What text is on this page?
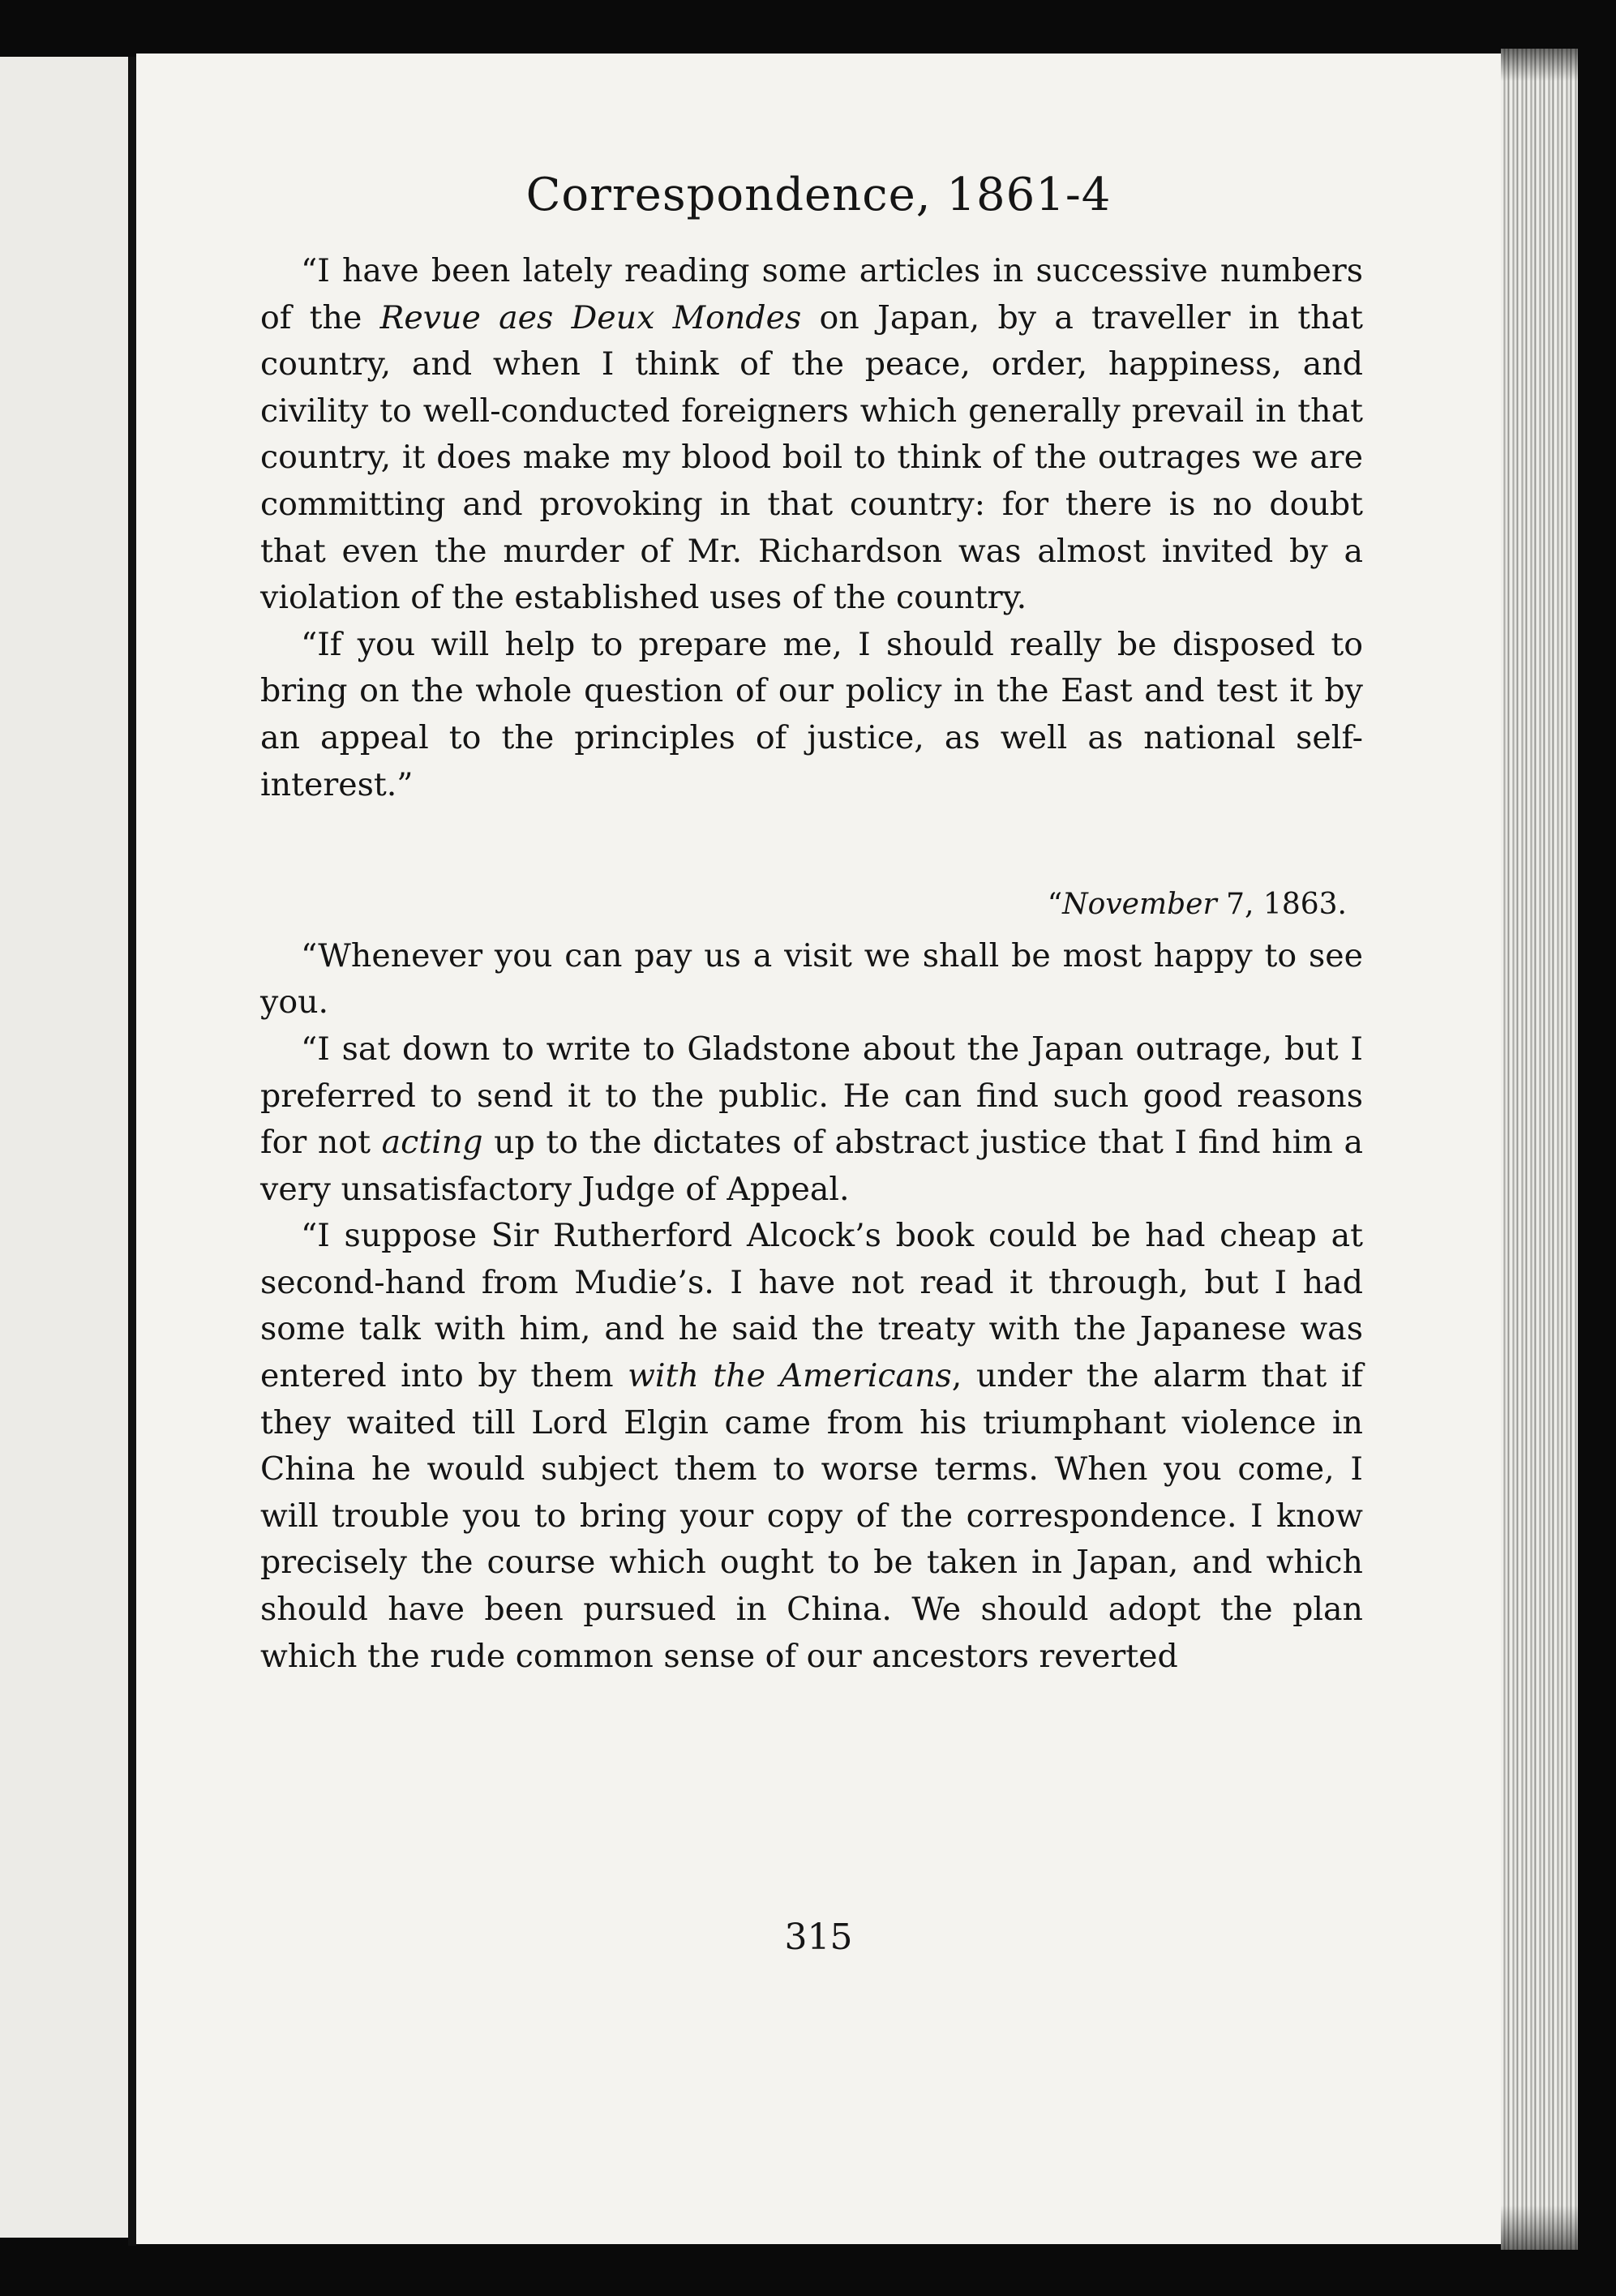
Correspondence, 1861-4

“I have been lately reading some articles in successive numbers of the Revue aes Deux Mondes on Japan, by a traveller in that country, and when I think of the peace, order, happiness, and civility to well-conducted foreigners which generally prevail in that country, it does make my blood boil to think of the outrages we are committing and provoking in that country: for there is no doubt that even the murder of Mr. Richardson was almost invited by a violation of the established uses of the country.

“If you will help to prepare me, I should really be disposed to bring on the whole question of our policy in the East and test it by an appeal to the principles of justice, as well as national self-interest.”

“November 7, 1863.

“Whenever you can pay us a visit we shall be most happy to see you.

“I sat down to write to Gladstone about the Japan outrage, but I preferred to send it to the public. He can find such good reasons for not acting up to the dictates of abstract justice that I find him a very unsatisfactory Judge of Appeal.

“I suppose Sir Rutherford Alcock’s book could be had cheap at second-hand from Mudie’s. I have not read it through, but I had some talk with him, and he said the treaty with the Japanese was entered into by them with the Americans, under the alarm that if they waited till Lord Elgin came from his triumphant violence in China he would subject them to worse terms. When you come, I will trouble you to bring your copy of the correspondence. I know precisely the course which ought to be taken in Japan, and which should have been pursued in China. We should adopt the plan which the rude common sense of our ancestors reverted

315
